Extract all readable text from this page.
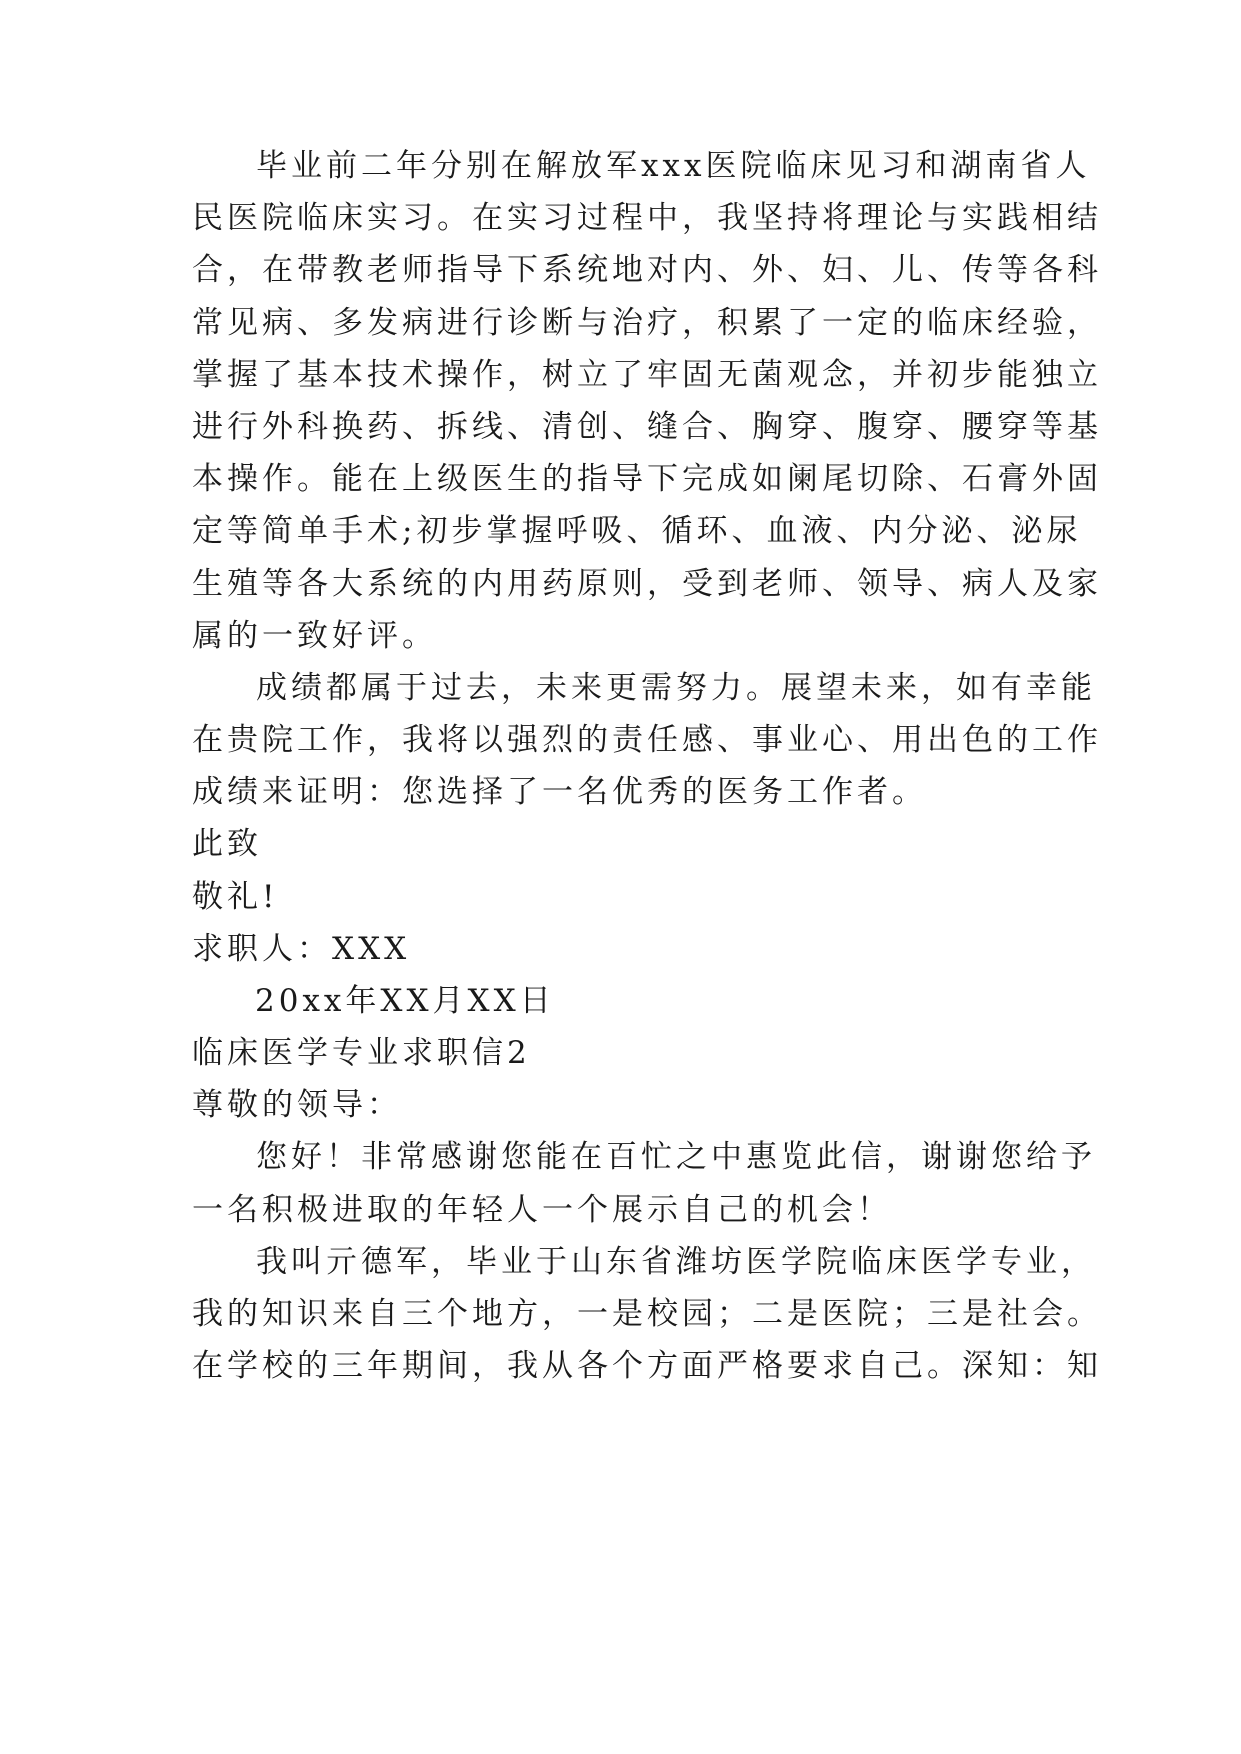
毕业前二年分别在解放军xxx医院临床见习和湖南省人
民医院临床实习。在实习过程中，我坚持将理论与实践相结
合，在带教老师指导下系统地对内、外、妇、儿、传等各科
常见病、多发病进行诊断与治疗，积累了一定的临床经验，
掌握了基本技术操作，树立了牢固无菌观念，并初步能独立
进行外科换药、拆线、清创、缝合、胸穿、腹穿、腰穿等基
本操作。能在上级医生的指导下完成如阑尾切除、石膏外固
定等简单手术;初步掌握呼吸、循环、血液、内分泌、泌尿
生殖等各大系统的内用药原则，受到老师、领导、病人及家
属的一致好评。
成绩都属于过去，未来更需努力。展望未来，如有幸能
在贵院工作，我将以强烈的责任感、事业心、用出色的工作
成绩来证明：您选择了一名优秀的医务工作者。
此致
敬礼!
求职人：XXX
20xx年XX月XX日
临床医学专业求职信2
尊敬的领导：
您好！非常感谢您能在百忙之中惠览此信，谢谢您给予
一名积极进取的年轻人一个展示自己的机会！
我叫亓德军，毕业于山东省潍坊医学院临床医学专业，
我的知识来自三个地方，一是校园；二是医院；三是社会。
在学校的三年期间，我从各个方面严格要求自己。深知：知
